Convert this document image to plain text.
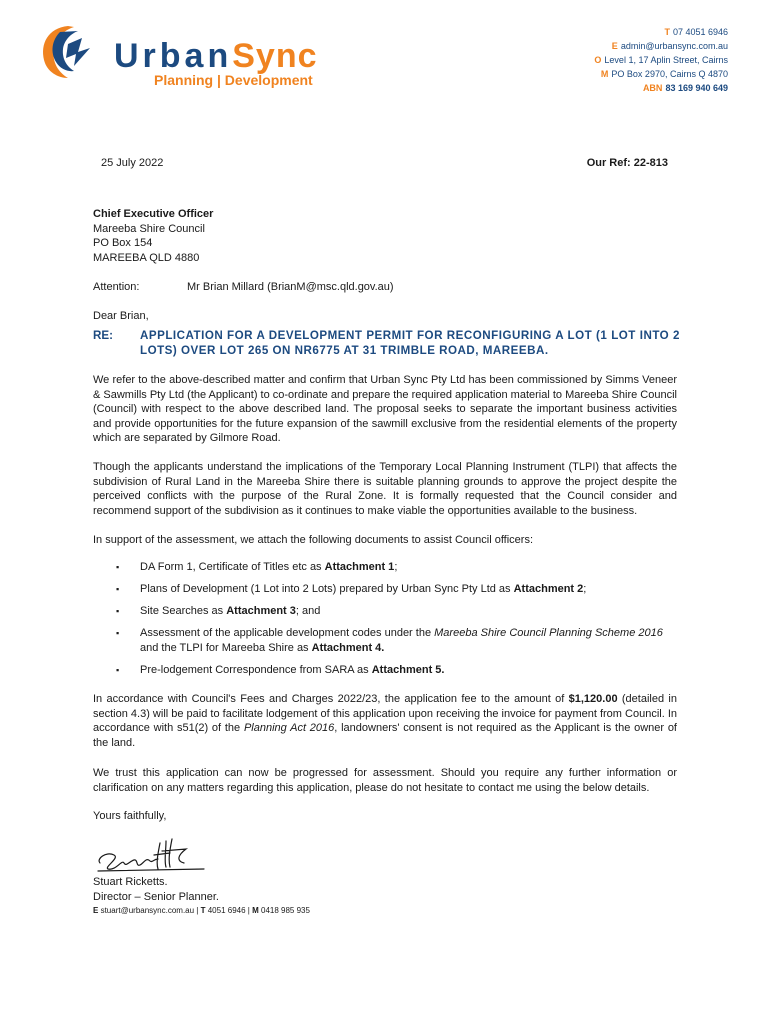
UrbanSync
Planning | Development
T 07 4051 6946
E admin@urbansync.com.au
O Level 1, 17 Aplin Street, Cairns
M PO Box 2970, Cairns Q 4870
ABN 83 169 940 649
25 July 2022	Our Ref: 22-813
Chief Executive Officer
Mareeba Shire Council
PO Box 154
MAREEBA QLD 4880
Attention:	Mr Brian Millard (BrianM@msc.qld.gov.au)
Dear Brian,
RE: APPLICATION FOR A DEVELOPMENT PERMIT FOR RECONFIGURING A LOT (1 LOT INTO 2 LOTS) OVER LOT 265 ON NR6775 AT 31 TRIMBLE ROAD, MAREEBA.
We refer to the above-described matter and confirm that Urban Sync Pty Ltd has been commissioned by Simms Veneer & Sawmills Pty Ltd (the Applicant) to co-ordinate and prepare the required application material to Mareeba Shire Council (Council) with respect to the above described land. The proposal seeks to separate the important business activities and provide opportunities for the future expansion of the sawmill exclusive from the residential elements of the property which are separated by Gilmore Road.
Though the applicants understand the implications of the Temporary Local Planning Instrument (TLPI) that affects the subdivision of Rural Land in the Mareeba Shire there is suitable planning grounds to approve the project despite the perceived conflicts with the purpose of the Rural Zone. It is formally requested that the Council consider and recommend support of the subdivision as it continues to make viable the opportunities available to the business.
In support of the assessment, we attach the following documents to assist Council officers:
▪ DA Form 1, Certificate of Titles etc as Attachment 1;
▪ Plans of Development (1 Lot into 2 Lots) prepared by Urban Sync Pty Ltd as Attachment 2;
▪ Site Searches as Attachment 3; and
▪ Assessment of the applicable development codes under the Mareeba Shire Council Planning Scheme 2016 and the TLPI for Mareeba Shire as Attachment 4.
▪ Pre-lodgement Correspondence from SARA as Attachment 5.
In accordance with Council's Fees and Charges 2022/23, the application fee to the amount of $1,120.00 (detailed in section 4.3) will be paid to facilitate lodgement of this application upon receiving the invoice for payment from Council. In accordance with s51(2) of the Planning Act 2016, landowners' consent is not required as the Applicant is the owner of the land.
We trust this application can now be progressed for assessment. Should you require any further information or clarification on any matters regarding this application, please do not hesitate to contact me using the below details.
Yours faithfully,
Stuart Ricketts.
Director – Senior Planner.
E stuart@urbansync.com.au | T 4051 6946 | M 0418 985 935
